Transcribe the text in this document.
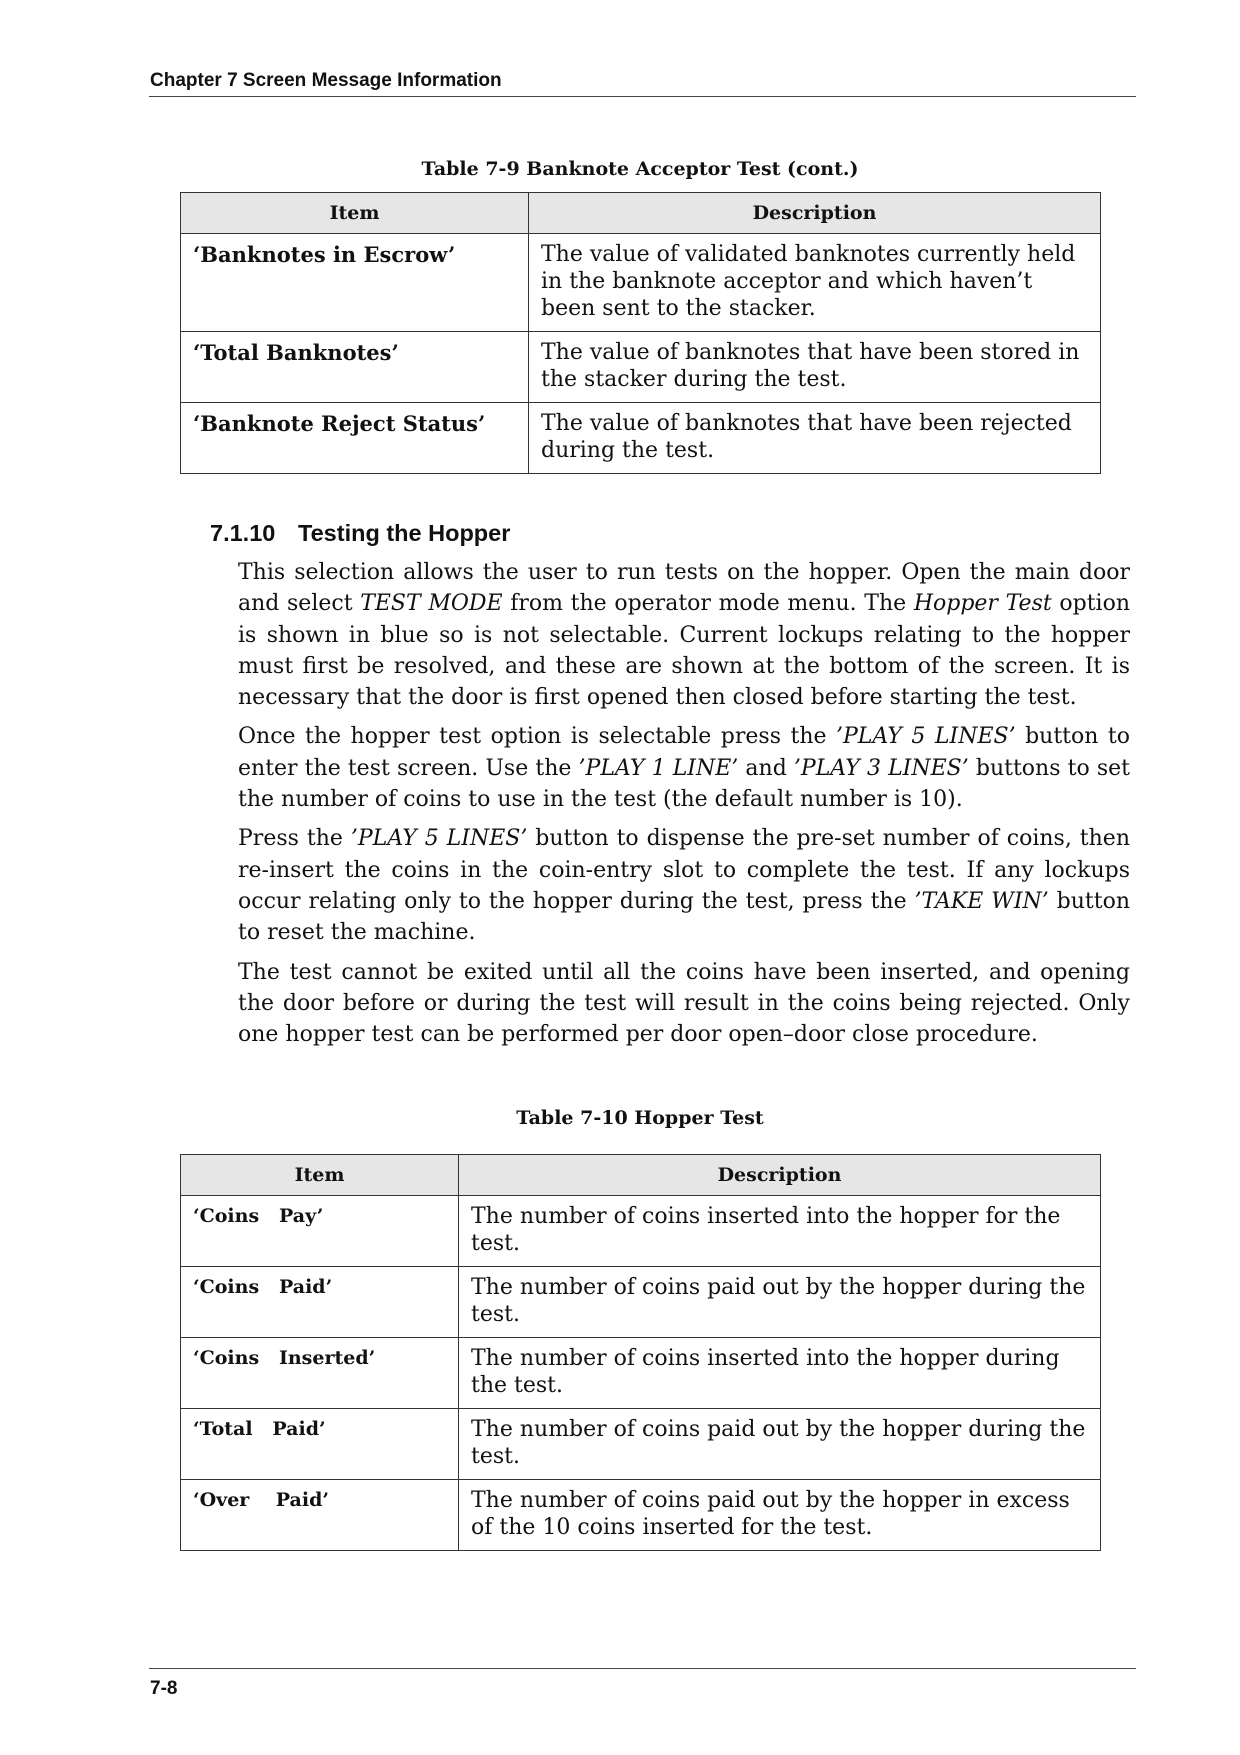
Chapter 7 Screen Message Information
Table 7-9 Banknote Acceptor Test (cont.)
Item	Description
‘Banknotes in Escrow’	The value of validated banknotes currently held in the banknote acceptor and which haven’t been sent to the stacker.
‘Total Banknotes’	The value of banknotes that have been stored in the stacker during the test.
‘Banknote Reject Status’	The value of banknotes that have been rejected during the test.
7.1.10 Testing the Hopper

This selection allows the user to run tests on the hopper. Open the main door and select TEST MODE from the operator mode menu. The Hopper Test option is shown in blue so is not selectable. Current lockups relating to the hopper must first be resolved, and these are shown at the bottom of the screen. It is necessary that the door is first opened then closed before starting the test.

Once the hopper test option is selectable press the ’PLAY 5 LINES’ button to enter the test screen. Use the ’PLAY 1 LINE’ and ’PLAY 3 LINES’ buttons to set the number of coins to use in the test (the default number is 10).

Press the ’PLAY 5 LINES’ button to dispense the pre-set number of coins, then re-insert the coins in the coin-entry slot to complete the test. If any lockups occur relating only to the hopper during the test, press the ’TAKE WIN’ button to reset the machine.

The test cannot be exited until all the coins have been inserted, and opening the door before or during the test will result in the coins being rejected. Only one hopper test can be performed per door open–door close procedure.

Table 7-10 Hopper Test
Item	Description
‘Coins   Pay’	The number of coins inserted into the hopper for the test.
‘Coins   Paid’	The number of coins paid out by the hopper during the test.
‘Coins   Inserted’	The number of coins inserted into the hopper during the test.
‘Total   Paid’	The number of coins paid out by the hopper during the test.
‘Over    Paid’	The number of coins paid out by the hopper in excess of the 10 coins inserted for the test.
7-8
